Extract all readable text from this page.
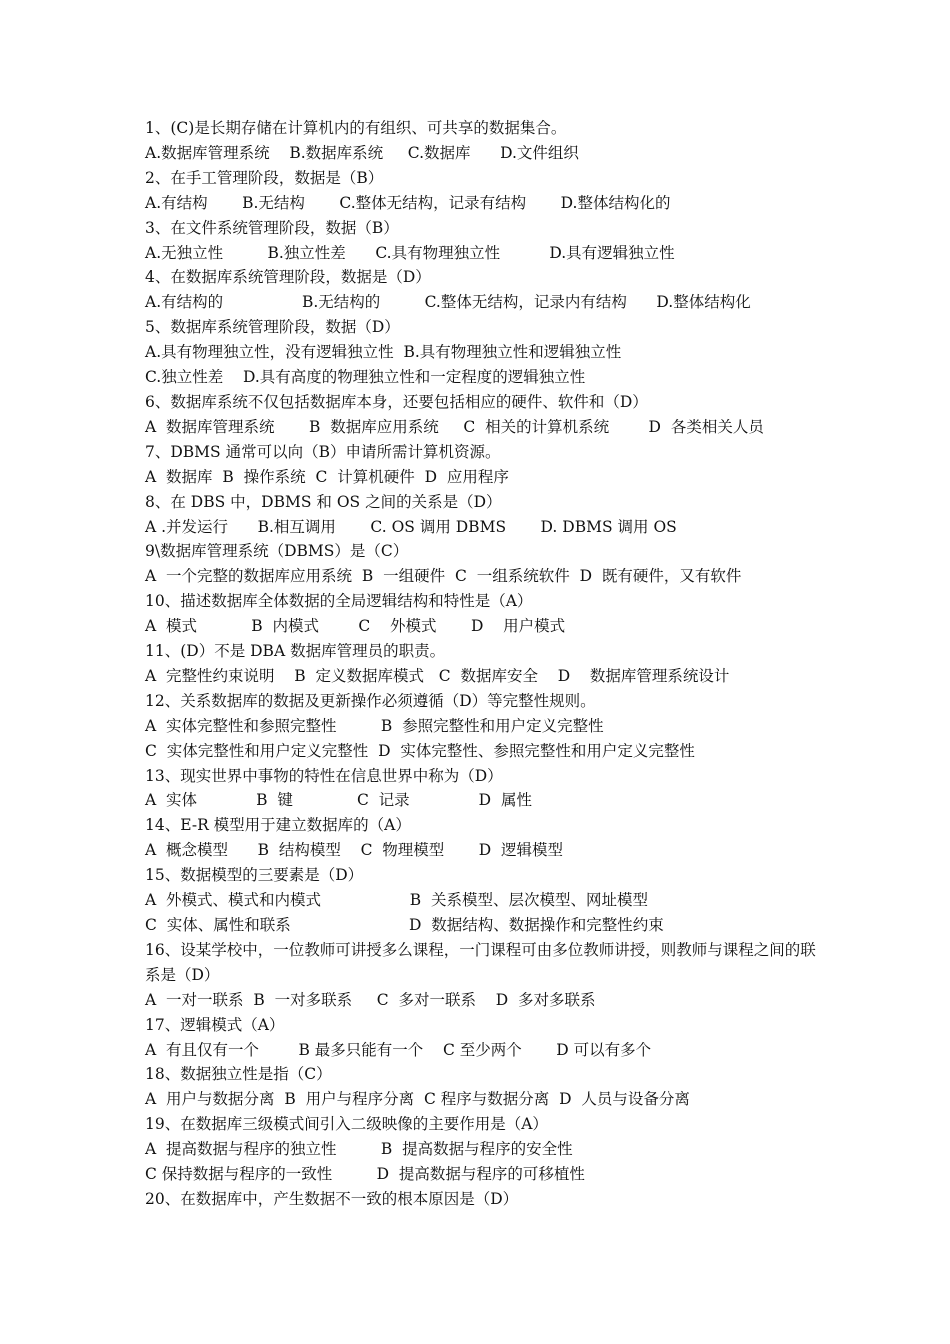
1、(C)是长期存储在计算机内的有组织、可共享的数据集合。
A.数据库管理系统    B.数据库系统     C.数据库      D.文件组织
2、在手工管理阶段，数据是（B）
A.有结构       B.无结构       C.整体无结构，记录有结构       D.整体结构化的
3、在文件系统管理阶段，数据（B）
A.无独立性         B.独立性差      C.具有物理独立性          D.具有逻辑独立性
4、在数据库系统管理阶段，数据是（D）
A.有结构的                B.无结构的         C.整体无结构，记录内有结构      D.整体结构化
5、数据库系统管理阶段，数据（D）
A.具有物理独立性，没有逻辑独立性  B.具有物理独立性和逻辑独立性
C.独立性差    D.具有高度的物理独立性和一定程度的逻辑独立性
6、数据库系统不仅包括数据库本身，还要包括相应的硬件、软件和（D）
A  数据库管理系统       B  数据库应用系统     C  相关的计算机系统        D  各类相关人员
7、DBMS 通常可以向（B）申请所需计算机资源。
A  数据库  B  操作系统  C  计算机硬件  D  应用程序
8、在 DBS 中，DBMS 和 OS 之间的关系是（D）
A .并发运行      B.相互调用       C. OS 调用 DBMS       D. DBMS 调用 OS
9\数据库管理系统（DBMS）是（C）
A  一个完整的数据库应用系统  B  一组硬件  C  一组系统软件  D  既有硬件，又有软件
10、描述数据库全体数据的全局逻辑结构和特性是（A）
A  模式           B  内模式        C    外模式       D    用户模式
11、(D）不是 DBA 数据库管理员的职责。
A  完整性约束说明    B  定义数据库模式   C  数据库安全    D    数据库管理系统设计
12、关系数据库的数据及更新操作必须遵循（D）等完整性规则。
A  实体完整性和参照完整性         B  参照完整性和用户定义完整性
C  实体完整性和用户定义完整性  D  实体完整性、参照完整性和用户定义完整性
13、现实世界中事物的特性在信息世界中称为（D）
A  实体            B  键             C  记录              D  属性
14、E-R 模型用于建立数据库的（A）
A  概念模型      B  结构模型    C  物理模型       D  逻辑模型
15、数据模型的三要素是（D）
A  外模式、模式和内模式                  B  关系模型、层次模型、网址模型
C  实体、属性和联系                        D  数据结构、数据操作和完整性约束
16、设某学校中，一位教师可讲授多么课程，一门课程可由多位教师讲授，则教师与课程之间的联系是（D）
A  一对一联系  B  一对多联系     C  多对一联系    D  多对多联系
17、逻辑模式（A）
A  有且仅有一个        B 最多只能有一个    C 至少两个       D 可以有多个
18、数据独立性是指（C）
A  用户与数据分离  B  用户与程序分离  C 程序与数据分离  D  人员与设备分离
19、在数据库三级模式间引入二级映像的主要作用是（A）
A  提高数据与程序的独立性         B  提高数据与程序的安全性
C 保持数据与程序的一致性         D  提高数据与程序的可移植性
20、在数据库中，产生数据不一致的根本原因是（D）
